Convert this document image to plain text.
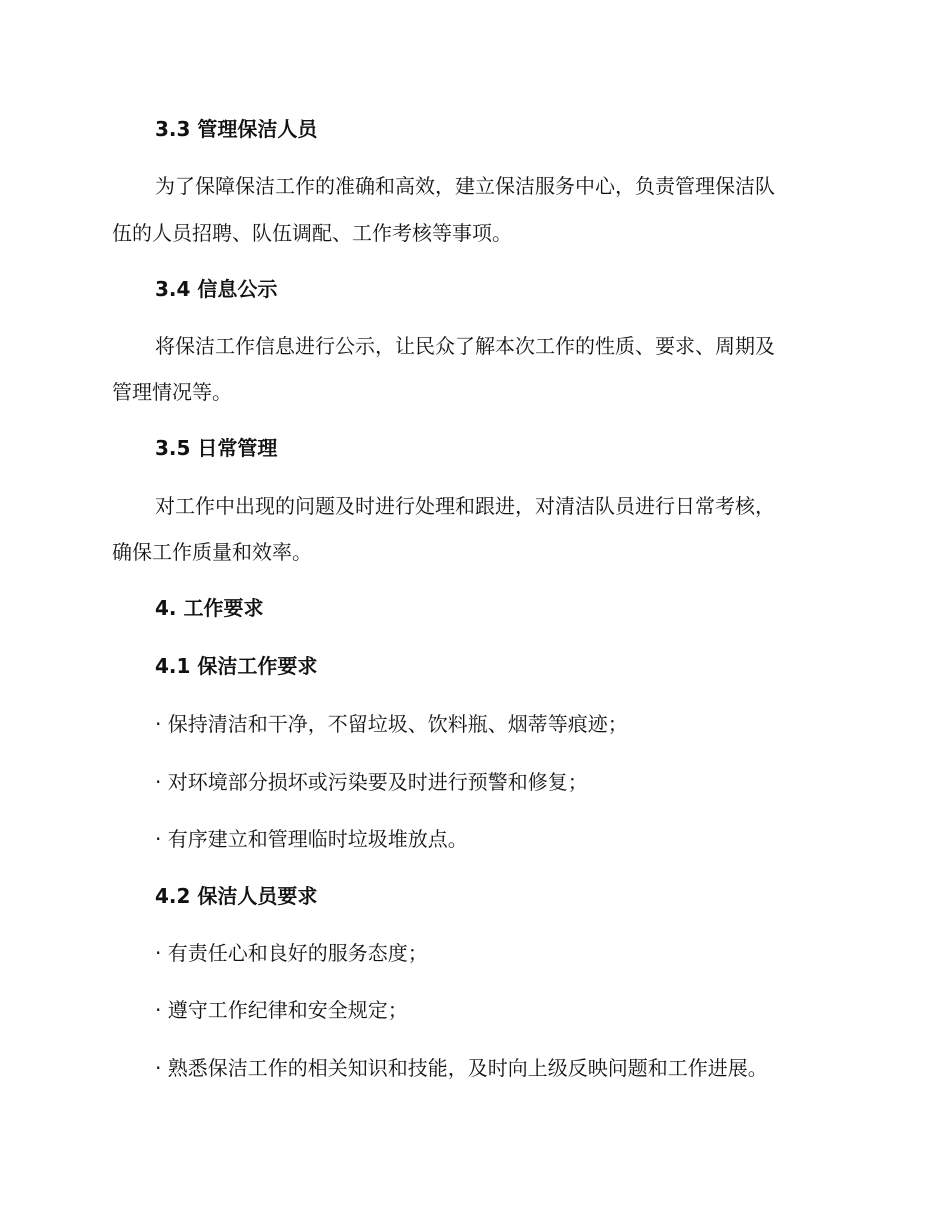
3.3 管理保洁人员
为了保障保洁工作的准确和高效，建立保洁服务中心，负责管理保洁队
伍的人员招聘、队伍调配、工作考核等事项。
3.4 信息公示
将保洁工作信息进行公示，让民众了解本次工作的性质、要求、周期及
管理情况等。
3.5 日常管理
对工作中出现的问题及时进行处理和跟进，对清洁队员进行日常考核，
确保工作质量和效率。
4. 工作要求
4.1 保洁工作要求
· 保持清洁和干净，不留垃圾、饮料瓶、烟蒂等痕迹；
· 对环境部分损坏或污染要及时进行预警和修复；
· 有序建立和管理临时垃圾堆放点。
4.2 保洁人员要求
· 有责任心和良好的服务态度；
· 遵守工作纪律和安全规定；
· 熟悉保洁工作的相关知识和技能，及时向上级反映问题和工作进展。
